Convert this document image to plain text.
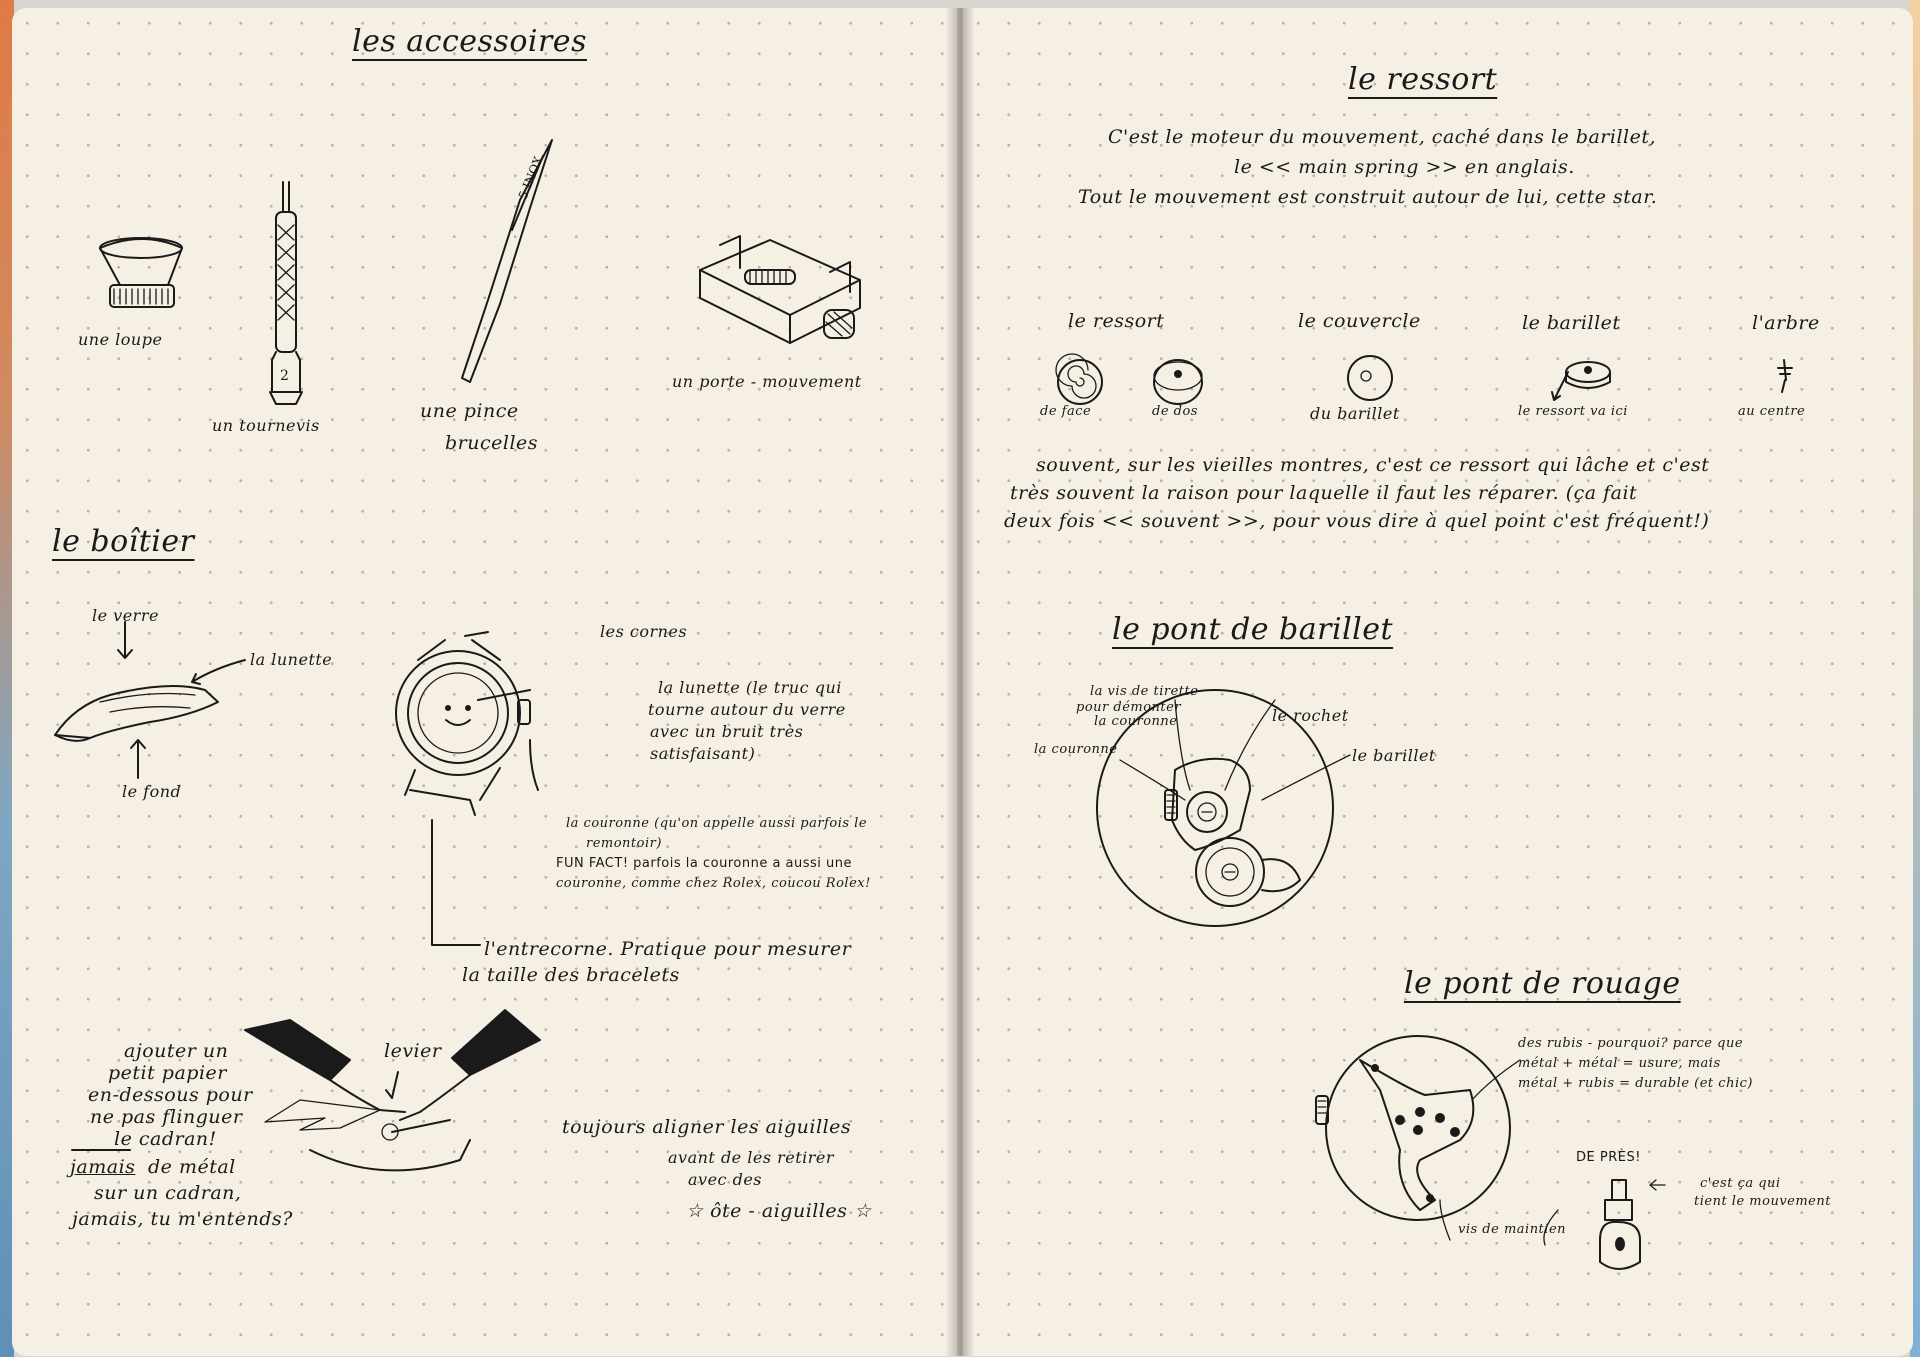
2
5 INOX
les accessoires
une loupe
un tournevis
une pince
brucelles
un porte - mouvement
le boîtier
le verre
la lunette
le fond
les cornes
la lunette (le truc qui
tourne autour du verre
avec un bruit très
satisfaisant)
la couronne (qu'on appelle aussi parfois le
remontoir)
FUN FACT! parfois la couronne a aussi une
couronne, comme chez Rolex, coucou Rolex!
l'entrecorne. Pratique pour mesurer
la taille des bracelets
ajouter un
petit papier
en-dessous pour
ne pas flinguer
le cadran!
levier
jamais de métal
sur un cadran,
jamais, tu m'entends?
toujours aligner les aiguilles
avant de les retirer
avec des
☆ ôte - aiguilles ☆
le ressort
C'est le moteur du mouvement, caché dans le barillet,
le << main spring >> en anglais.
Tout le mouvement est construit autour de lui, cette star.
le ressort	le couvercle	le barillet	l'arbre
de face	de dos	du barillet	le ressort va ici	au centre
souvent, sur les vieilles montres, c'est ce ressort qui lâche et c'est
très souvent la raison pour laquelle il faut les réparer. (ça fait
deux fois << souvent >>, pour vous dire à quel point c'est fréquent!)
le pont de barillet
la vis de tirette
pour démonter
la couronne
la couronne
le rochet
le barillet
le pont de rouage
des rubis - pourquoi? parce que
métal + métal = usure, mais
métal + rubis = durable (et chic)
DE PRÈS!
c'est ça qui
tient le mouvement
vis de maintien
